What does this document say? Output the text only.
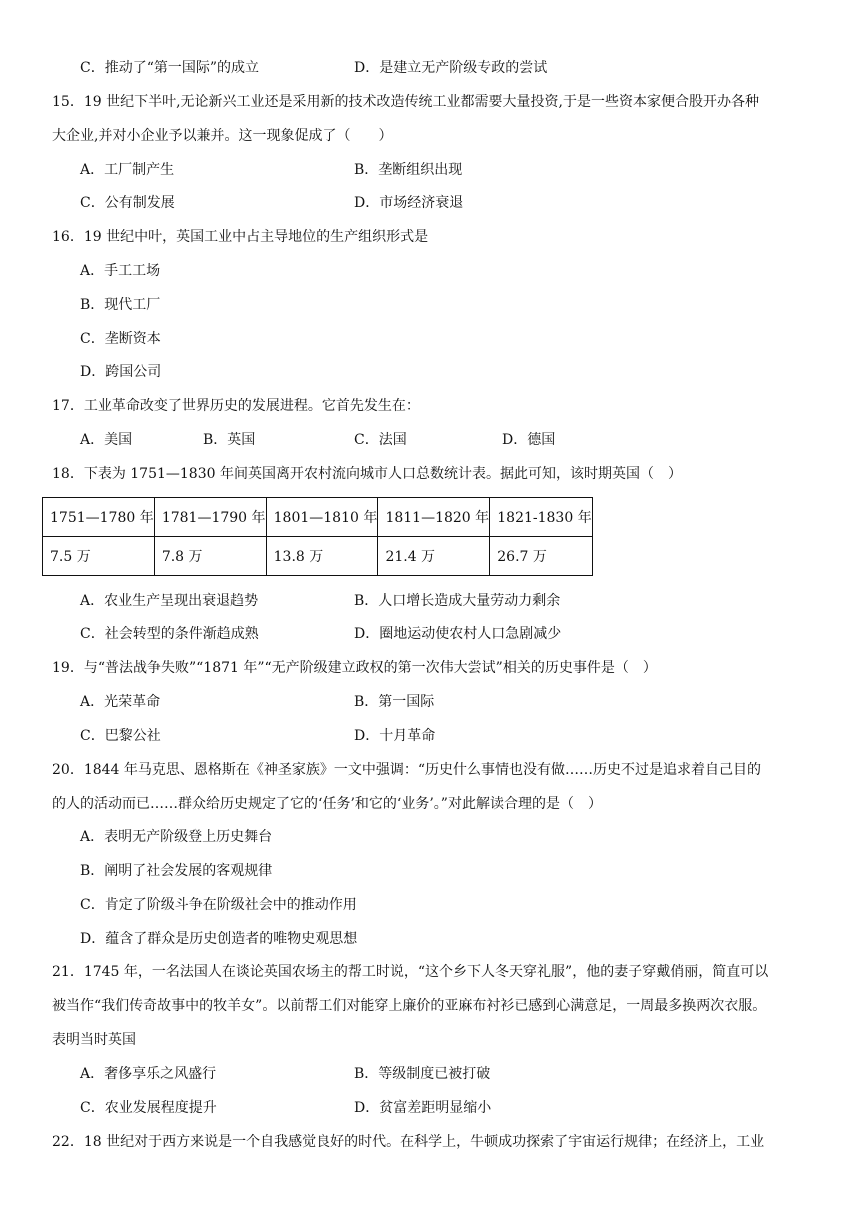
C．推动了“第一国际”的成立	D．是建立无产阶级专政的尝试
15．19 世纪下半叶,无论新兴工业还是采用新的技术改造传统工业都需要大量投资,于是一些资本家便合股开办各种
大企业,并对小企业予以兼并。这一现象促成了（　　）
A．工厂制产生	B．垄断组织出现
C．公有制发展	D．市场经济衰退
16．19 世纪中叶，英国工业中占主导地位的生产组织形式是
A．手工工场
B．现代工厂
C．垄断资本
D．跨国公司
17．工业革命改变了世界历史的发展进程。它首先发生在：
A．美国	B．英国	C．法国	D．德国
18．下表为 1751—1830 年间英国离开农村流向城市人口总数统计表。据此可知，该时期英国（　）
1751—1780 年	1781—1790 年	1801—1810 年	1811—1820 年	1821-1830 年
7.5 万	7.8 万	13.8 万	21.4 万	26.7 万
A．农业生产呈现出衰退趋势	B．人口增长造成大量劳动力剩余
C．社会转型的条件渐趋成熟	D．圈地运动使农村人口急剧减少
19．与“普法战争失败”“1871 年”“无产阶级建立政权的第一次伟大尝试”相关的历史事件是（　）
A．光荣革命	B．第一国际
C．巴黎公社	D．十月革命
20．1844 年马克思、恩格斯在《神圣家族》一文中强调：“历史什么事情也没有做……历史不过是追求着自己目的
的人的活动而已……群众给历史规定了它的‘任务’和它的‘业务’。”对此解读合理的是（　）
A．表明无产阶级登上历史舞台
B．阐明了社会发展的客观规律
C．肯定了阶级斗争在阶级社会中的推动作用
D．蕴含了群众是历史创造者的唯物史观思想
21．1745 年，一名法国人在谈论英国农场主的帮工时说，“这个乡下人冬天穿礼服”，他的妻子穿戴俏丽，简直可以
被当作“我们传奇故事中的牧羊女”。以前帮工们对能穿上廉价的亚麻布衬衫已感到心满意足，一周最多换两次衣服。
表明当时英国
A．奢侈享乐之风盛行	B．等级制度已被打破
C．农业发展程度提升	D．贫富差距明显缩小
22．18 世纪对于西方来说是一个自我感觉良好的时代。在科学上，牛顿成功探索了宇宙运行规律；在经济上，工业
